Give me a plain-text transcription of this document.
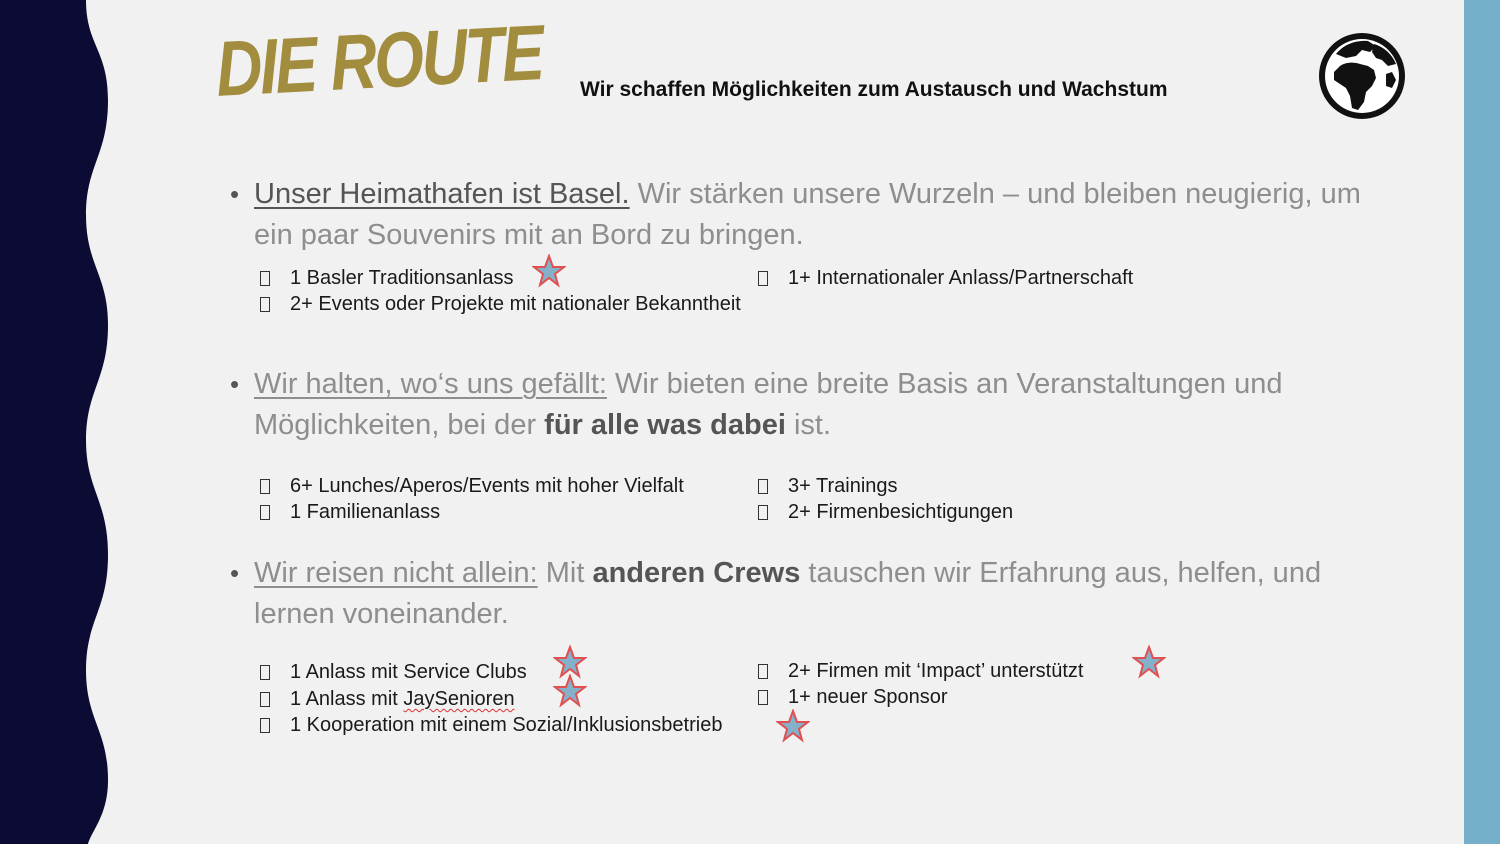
DIE ROUTE Wir schaffen Möglichkeiten zum Austausch und Wachstum
• Unser Heimathafen ist Basel. Wir stärken unsere Wurzeln – und bleiben neugierig, um ein paar Souvenirs mit an Bord zu bringen.
1 Basler Traditionsanlass
2+ Events oder Projekte mit nationaler Bekanntheit
1+ Internationaler Anlass/Partnerschaft
• Wir halten, wo‘s uns gefällt: Wir bieten eine breite Basis an Veranstaltungen und Möglichkeiten, bei der für alle was dabei ist.
6+ Lunches/Aperos/Events mit hoher Vielfalt
1 Familienanlass
3+ Trainings
2+ Firmenbesichtigungen
• Wir reisen nicht allein: Mit anderen Crews tauschen wir Erfahrung aus, helfen, und lernen voneinander.
1 Anlass mit Service Clubs
1 Anlass mit JaySenioren
1 Kooperation mit einem Sozial/Inklusionsbetrieb
2+ Firmen mit ‘Impact’ unterstützt
1+ neuer Sponsor
